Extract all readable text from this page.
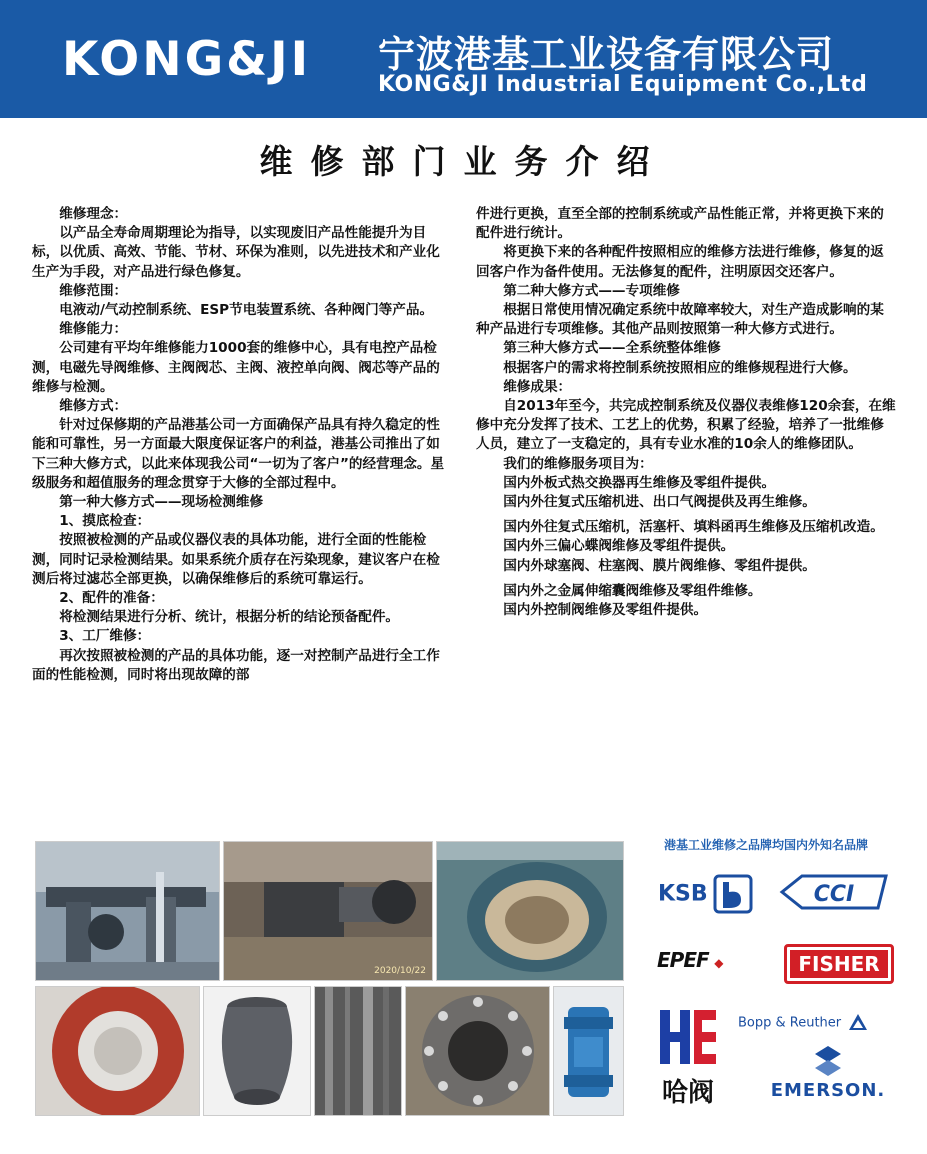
KONG&JI 宁波港基工业设备有限公司
KONG&JI Industrial Equipment Co.,Ltd
维修部门业务介绍

维修理念：

以产品全寿命周期理论为指导，以实现废旧产品性能提升为目标，以优质、高效、节能、节材、环保为准则，以先进技术和产业化生产为手段，对产品进行绿色修复。

维修范围：

电液动/气动控制系统、ESP节电装置系统、各种阀门等产品。

维修能力：

公司建有平均年维修能力1000套的维修中心，具有电控产品检测，电磁先导阀维修、主阀阀芯、主阀、液控单向阀、阀芯等产品的维修与检测。

维修方式：

针对过保修期的产品港基公司一方面确保产品具有持久稳定的性能和可靠性，另一方面最大限度保证客户的利益，港基公司推出了如下三种大修方式，以此来体现我公司“一切为了客户”的经营理念。星级服务和超值服务的理念贯穿于大修的全部过程中。

第一种大修方式——现场检测维修

1、摸底检查：

按照被检测的产品或仪器仪表的具体功能，进行全面的性能检测，同时记录检测结果。如果系统介质存在污染现象，建议客户在检测后将过滤芯全部更换，以确保维修后的系统可靠运行。

2、配件的准备：

将检测结果进行分析、统计，根据分析的结论预备配件。

3、工厂维修：

再次按照被检测的产品的具体功能，逐一对控制产品进行全工作面的性能检测，同时将出现故障的部

件进行更换，直至全部的控制系统或产品性能正常，并将更换下来的配件进行统计。

将更换下来的各种配件按照相应的维修方法进行维修，修复的返回客户作为备件使用。无法修复的配件，注明原因交还客户。

第二种大修方式——专项维修

根据日常使用情况确定系统中故障率较大，对生产造成影响的某种产品进行专项维修。其他产品则按照第一种大修方式进行。

第三种大修方式——全系统整体维修

根据客户的需求将控制系统按照相应的维修规程进行大修。

维修成果：

自2013年至今，共完成控制系统及仪器仪表维修120余套，在维修中充分发挥了技术、工艺上的优势，积累了经验，培养了一批维修人员，建立了一支稳定的，具有专业水准的10余人的维修团队。

我们的维修服务项目为：

国内外板式热交换器再生维修及零组件提供。

国内外往复式压缩机进、出口气阀提供及再生维修。

国内外往复式压缩机，活塞杆、填料函再生维修及压缩机改造。

国内外三偏心蝶阀维修及零组件提供。

国内外球塞阀、柱塞阀、膜片阀维修、零组件提供。

国内外之金属伸缩囊阀维修及零组件维修。

国内外控制阀维修及零组件提供。

2020/10/22
港基工业维修之品牌均国内外知名品牌
KSB	CCI
EPEF ◆	FISHER
哈阀
Bopp & Reuther
EMERSON.
